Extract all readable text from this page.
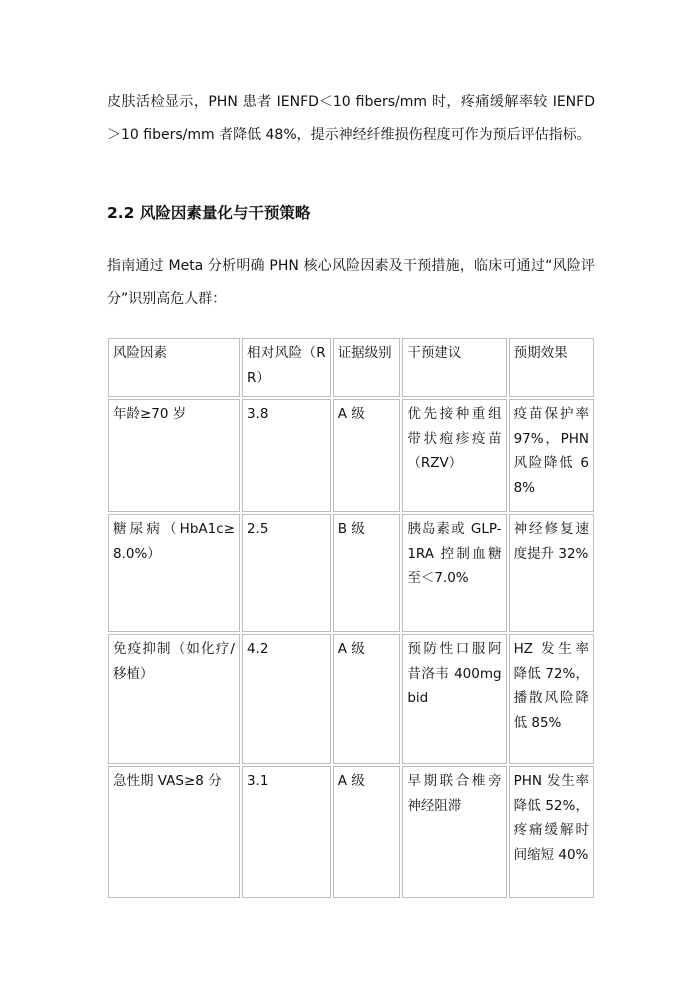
皮肤活检显示，PHN 患者 IENFD＜10 fibers/mm 时，疼痛缓解率较 IENFD＞10 fibers/mm 者降低 48%，提示神经纤维损伤程度可作为预后评估指标。

2.2 风险因素量化与干预策略

指南通过 Meta 分析明确 PHN 核心风险因素及干预措施，临床可通过“风险评分”识别高危人群：

风险因素	相对风险（RR）	证据级别	干预建议	预期效果
年龄≥70 岁	3.8	A 级	优先接种重组带状疱疹疫苗（RZV）	疫苗保护率 97%，PHN 风险降低 68%
糖尿病（HbA1c≥8.0%）	2.5	B 级	胰岛素或 GLP-1RA 控制血糖至＜7.0%	神经修复速度提升 32%
免疫抑制（如化疗/移植）	4.2	A 级	预防性口服阿昔洛韦 400mg bid	HZ 发生率降低 72%，播散风险降低 85%
急性期 VAS≥8 分	3.1	A 级	早期联合椎旁神经阻滞	PHN 发生率降低 52%，疼痛缓解时间缩短 40%
